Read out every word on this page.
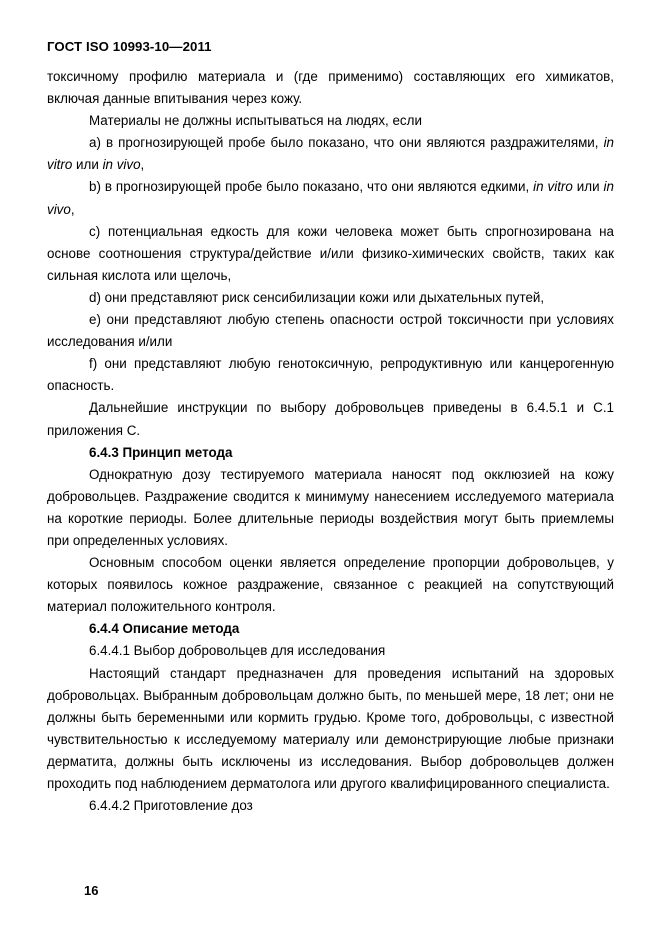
ГОСТ ISO 10993-10—2011

токсичному профилю материала и (где применимо) составляющих его химикатов, включая данные впитывания через кожу.

Материалы не должны испытываться на людях, если

a) в прогнозирующей пробе было показано, что они являются раздражителями, in vitro или in vivo,

b) в прогнозирующей пробе было показано, что они являются едкими, in vitro или in vivo,

c) потенциальная едкость для кожи человека может быть спрогнозирована на основе соотношения структура/действие и/или физико-химических свойств, таких как сильная кислота или щелочь,

d) они представляют риск сенсибилизации кожи или дыхательных путей,

e) они представляют любую степень опасности острой токсичности при условиях исследования и/или

f) они представляют любую генотоксичную, репродуктивную или канцерогенную опасность.

Дальнейшие инструкции по выбору добровольцев приведены в 6.4.5.1 и С.1 приложения С.

6.4.3 Принцип метода

Однократную дозу тестируемого материала наносят под окклюзией на кожу добровольцев. Раздражение сводится к минимуму нанесением исследуемого материала на короткие периоды. Более длительные периоды воздействия могут быть приемлемы при определенных условиях.

Основным способом оценки является определение пропорции добровольцев, у которых появилось кожное раздражение, связанное с реакцией на сопутствующий материал положительного контроля.

6.4.4 Описание метода

6.4.4.1 Выбор добровольцев для исследования

Настоящий стандарт предназначен для проведения испытаний на здоровых добровольцах. Выбранным добровольцам должно быть, по меньшей мере, 18 лет; они не должны быть беременными или кормить грудью. Кроме того, добровольцы, с известной чувствительностью к исследуемому материалу или демонстрирующие любые признаки дерматита, должны быть исключены из исследования. Выбор добровольцев должен проходить под наблюдением дерматолога или другого квалифицированного специалиста.

6.4.4.2 Приготовление доз

16
